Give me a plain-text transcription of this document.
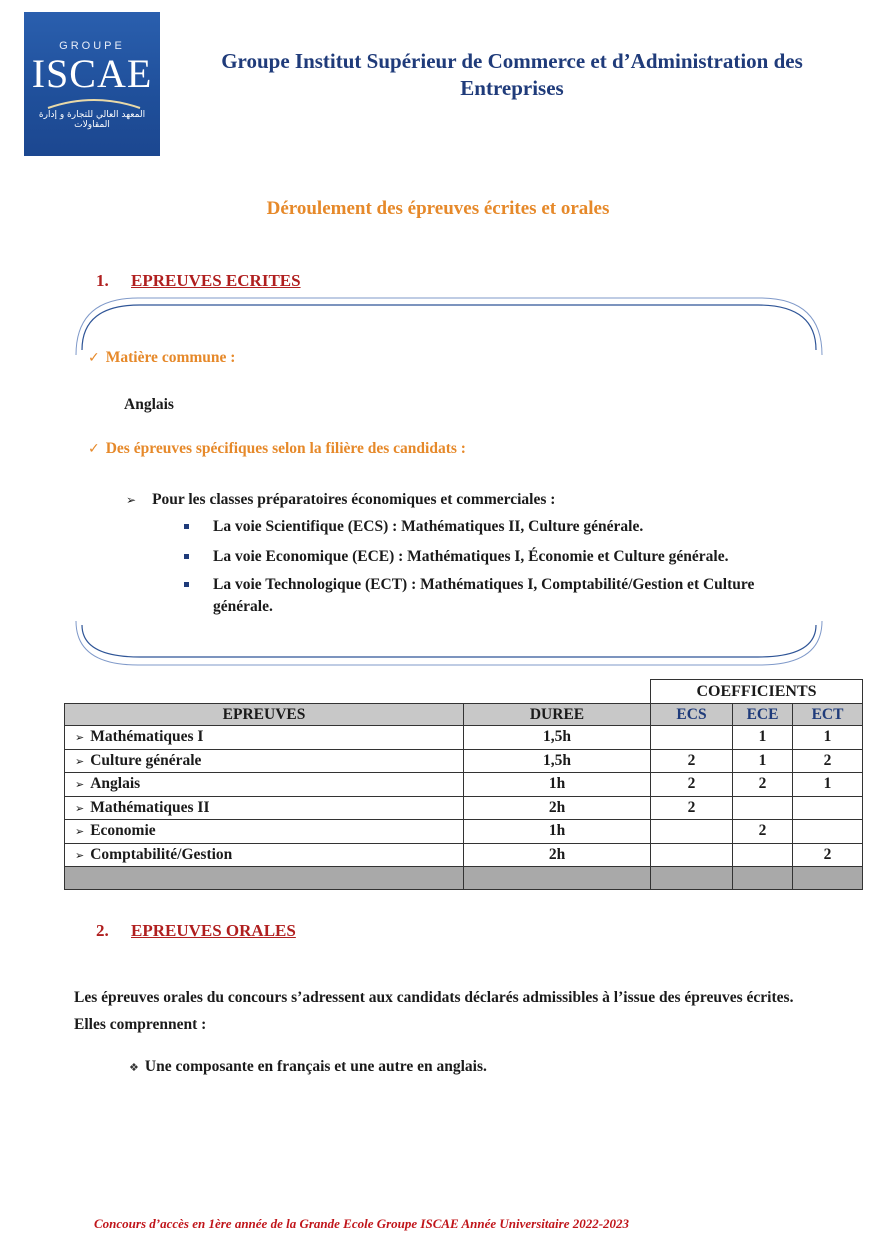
GROUPE
ISCAE
المعهد العالي للتجارة و إدارة المقاولات
Groupe Institut Supérieur de Commerce et d’Administration des Entreprises
Déroulement des épreuves écrites et orales
1. EPREUVES ECRITES
✓ Matière commune :
Anglais
✓ Des épreuves spécifiques selon la filière des candidats :
➢ Pour les classes préparatoires économiques et commerciales :
La voie Scientifique (ECS) : Mathématiques II, Culture générale.
La voie Economique (ECE) : Mathématiques I, Économie et Culture générale.
La voie Technologique (ECT) : Mathématiques I, Comptabilité/Gestion et Culture générale.
		COEFFICIENTS		
EPREUVES	DUREE	ECS	ECE	ECT
➢ Mathématiques I	1,5h		1	1
➢ Culture générale	1,5h	2	1	2
➢ Anglais	1h	2	2	1
➢ Mathématiques II	2h	2		
➢ Economie	1h		2	
➢ Comptabilité/Gestion	2h			2

2. EPREUVES ORALES
Les épreuves orales du concours s’adressent aux candidats déclarés admissibles à l’issue des épreuves écrites. Elles comprennent :
❖ Une composante en français et une autre en anglais.
Concours d’accès en 1ère année de la Grande Ecole Groupe ISCAE Année Universitaire 2022-2023
